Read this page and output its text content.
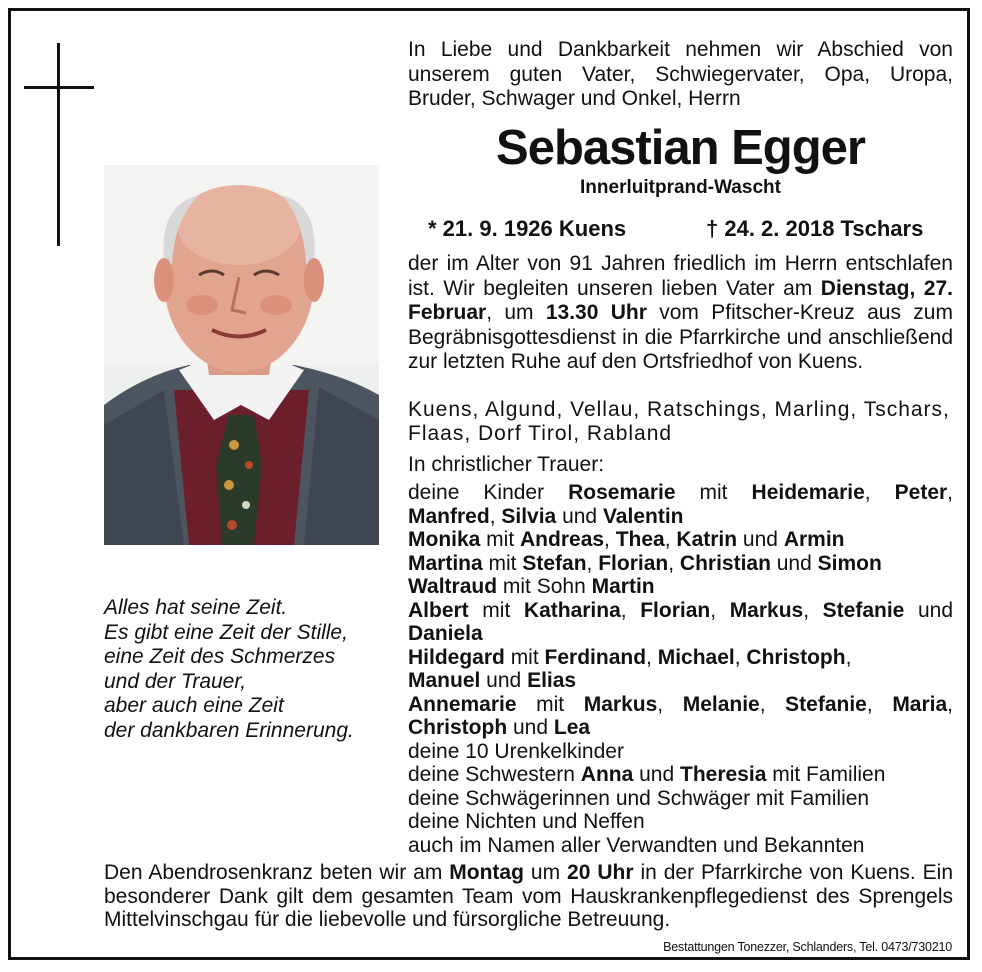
In Liebe und Dankbarkeit nehmen wir Abschied von unserem guten Vater, Schwiegervater, Opa, Uropa, Bruder, Schwager und Onkel, Herrn
Sebastian Egger
Innerluitprand-Wascht
* 21. 9. 1926 Kuens	† 24. 2. 2018 Tschars
der im Alter von 91 Jahren friedlich im Herrn entschlafen ist. Wir begleiten unseren lieben Vater am Dienstag, 27. Februar, um 13.30 Uhr vom Pfitscher-Kreuz aus zum Begräbnisgottesdienst in die Pfarrkirche und anschließend zur letzten Ruhe auf den Ortsfriedhof von Kuens.
Kuens, Algund, Vellau, Ratschings, Marling, Tschars, Flaas, Dorf Tirol, Rabland
In christlicher Trauer:
deine Kinder Rosemarie mit Heidemarie, Peter,
Manfred, Silvia und Valentin
Monika mit Andreas, Thea, Katrin und Armin
Martina mit Stefan, Florian, Christian und Simon
Waltraud mit Sohn Martin
Albert mit Katharina, Florian, Markus, Stefanie und
Daniela
Hildegard mit Ferdinand, Michael, Christoph,
Manuel und Elias
Annemarie mit Markus, Melanie, Stefanie, Maria,
Christoph und Lea
deine 10 Urenkelkinder
deine Schwestern Anna und Theresia mit Familien
deine Schwägerinnen und Schwäger mit Familien
deine Nichten und Neffen
auch im Namen aller Verwandten und Bekannten
Alles hat seine Zeit.
Es gibt eine Zeit der Stille,
eine Zeit des Schmerzes
und der Trauer,
aber auch eine Zeit
der dankbaren Erinnerung.
Den Abendrosenkranz beten wir am Montag um 20 Uhr in der Pfarrkirche von Kuens. Ein besonderer Dank gilt dem gesamten Team vom Hauskrankenpflegedienst des Sprengels Mittelvinschgau für die liebevolle und fürsorgliche Betreuung.
Bestattungen Tonezzer, Schlanders, Tel. 0473/730210
